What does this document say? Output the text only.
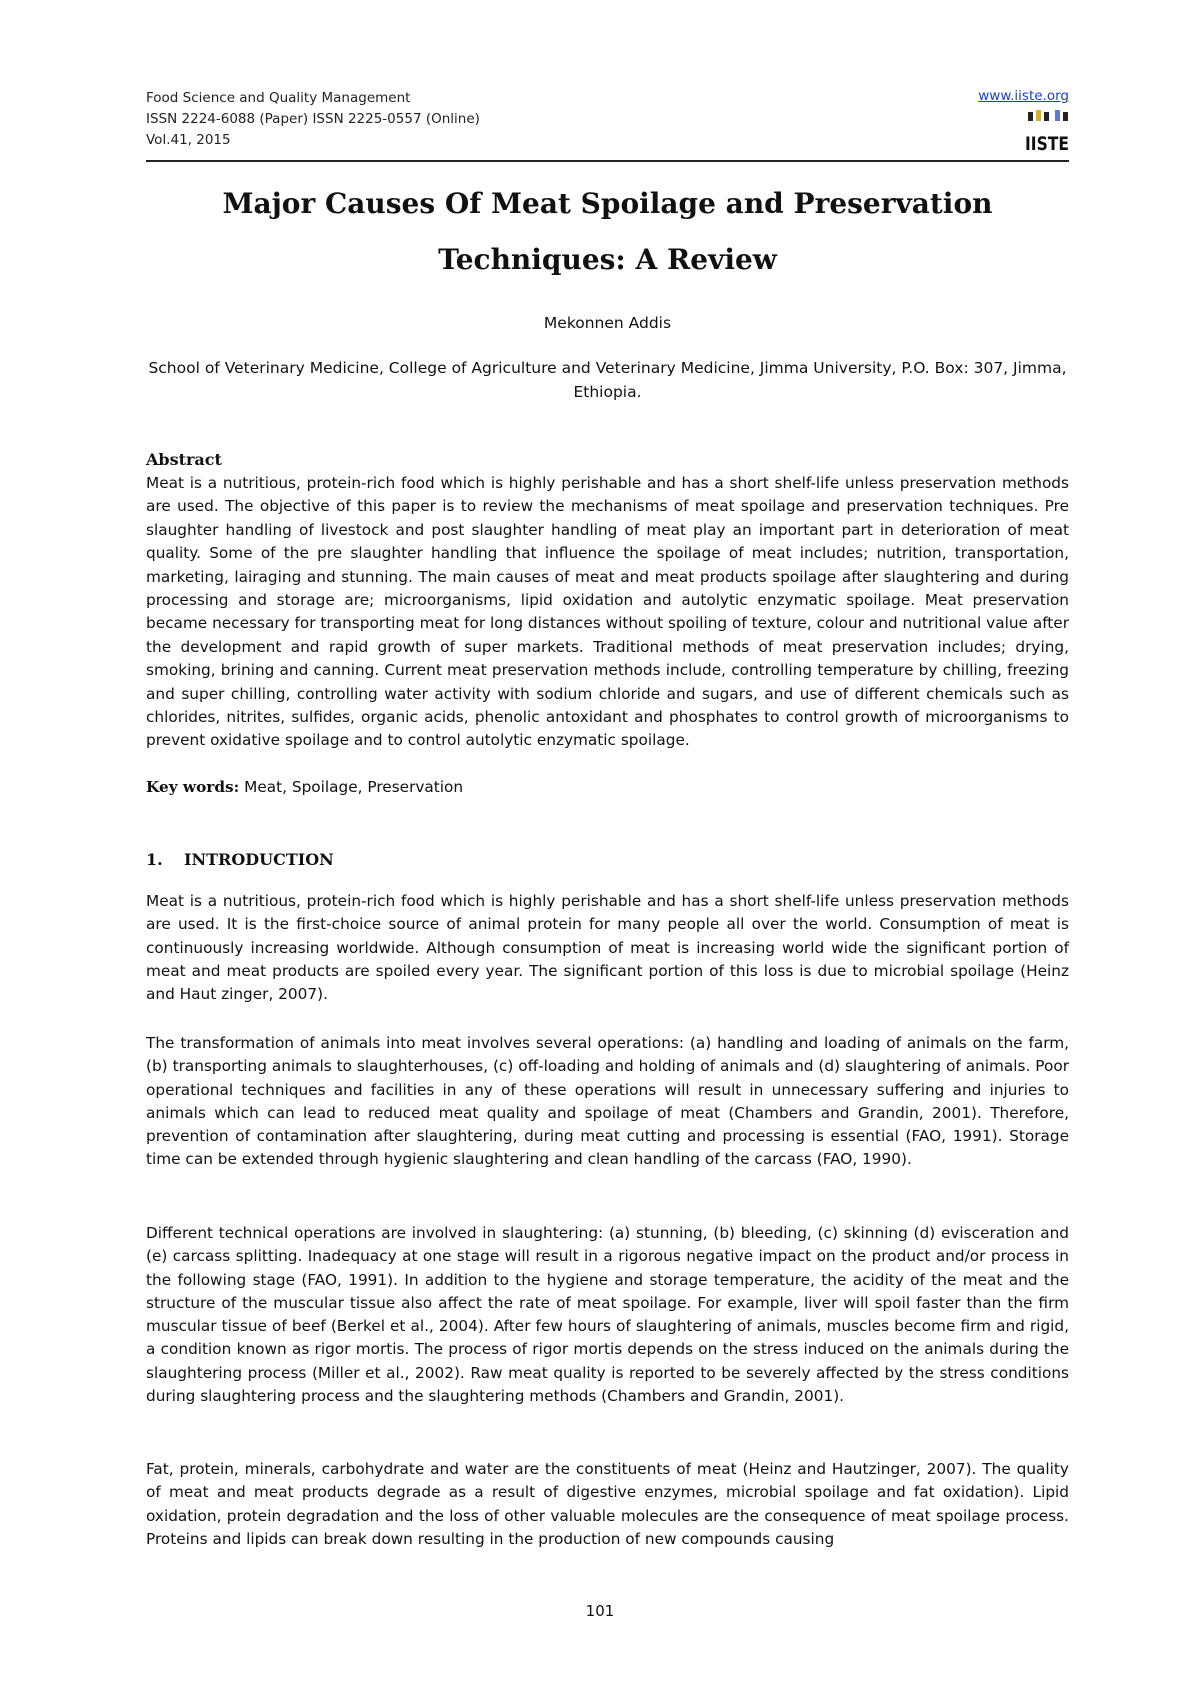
Food Science and Quality Management
ISSN 2224-6088 (Paper) ISSN 2225-0557 (Online)
Vol.41, 2015
www.iiste.org
IISTE
Major Causes Of Meat Spoilage and Preservation Techniques: A Review
Mekonnen Addis
School of Veterinary Medicine, College of Agriculture and Veterinary Medicine, Jimma University, P.O. Box: 307, Jimma, Ethiopia.
Abstract
Meat is a nutritious, protein-rich food which is highly perishable and has a short shelf-life unless preservation methods are used. The objective of this paper is to review the mechanisms of meat spoilage and preservation techniques. Pre slaughter handling of livestock and post slaughter handling of meat play an important part in deterioration of meat quality. Some of the pre slaughter handling that influence the spoilage of meat includes; nutrition, transportation, marketing, lairaging and stunning. The main causes of meat and meat products spoilage after slaughtering and during processing and storage are; microorganisms, lipid oxidation and autolytic enzymatic spoilage. Meat preservation became necessary for transporting meat for long distances without spoiling of texture, colour and nutritional value after the development and rapid growth of super markets. Traditional methods of meat preservation includes; drying, smoking, brining and canning. Current meat preservation methods include, controlling temperature by chilling, freezing and super chilling, controlling water activity with sodium chloride and sugars, and use of different chemicals such as chlorides, nitrites, sulfides, organic acids, phenolic antoxidant and phosphates to control growth of microorganisms to prevent oxidative spoilage and to control autolytic enzymatic spoilage.
Key words: Meat, Spoilage, Preservation
1. INTRODUCTION
Meat is a nutritious, protein-rich food which is highly perishable and has a short shelf-life unless preservation methods are used. It is the first-choice source of animal protein for many people all over the world. Consumption of meat is continuously increasing worldwide. Although consumption of meat is increasing world wide the significant portion of meat and meat products are spoiled every year. The significant portion of this loss is due to microbial spoilage (Heinz and Haut zinger, 2007).
The transformation of animals into meat involves several operations: (a) handling and loading of animals on the farm, (b) transporting animals to slaughterhouses, (c) off-loading and holding of animals and (d) slaughtering of animals. Poor operational techniques and facilities in any of these operations will result in unnecessary suffering and injuries to animals which can lead to reduced meat quality and spoilage of meat (Chambers and Grandin, 2001). Therefore, prevention of contamination after slaughtering, during meat cutting and processing is essential (FAO, 1991). Storage time can be extended through hygienic slaughtering and clean handling of the carcass (FAO, 1990).
Different technical operations are involved in slaughtering: (a) stunning, (b) bleeding, (c) skinning (d) evisceration and (e) carcass splitting. Inadequacy at one stage will result in a rigorous negative impact on the product and/or process in the following stage (FAO, 1991). In addition to the hygiene and storage temperature, the acidity of the meat and the structure of the muscular tissue also affect the rate of meat spoilage. For example, liver will spoil faster than the firm muscular tissue of beef (Berkel et al., 2004). After few hours of slaughtering of animals, muscles become firm and rigid, a condition known as rigor mortis. The process of rigor mortis depends on the stress induced on the animals during the slaughtering process (Miller et al., 2002). Raw meat quality is reported to be severely affected by the stress conditions during slaughtering process and the slaughtering methods (Chambers and Grandin, 2001).
Fat, protein, minerals, carbohydrate and water are the constituents of meat (Heinz and Hautzinger, 2007). The quality of meat and meat products degrade as a result of digestive enzymes, microbial spoilage and fat oxidation). Lipid oxidation, protein degradation and the loss of other valuable molecules are the consequence of meat spoilage process. Proteins and lipids can break down resulting in the production of new compounds causing
101
